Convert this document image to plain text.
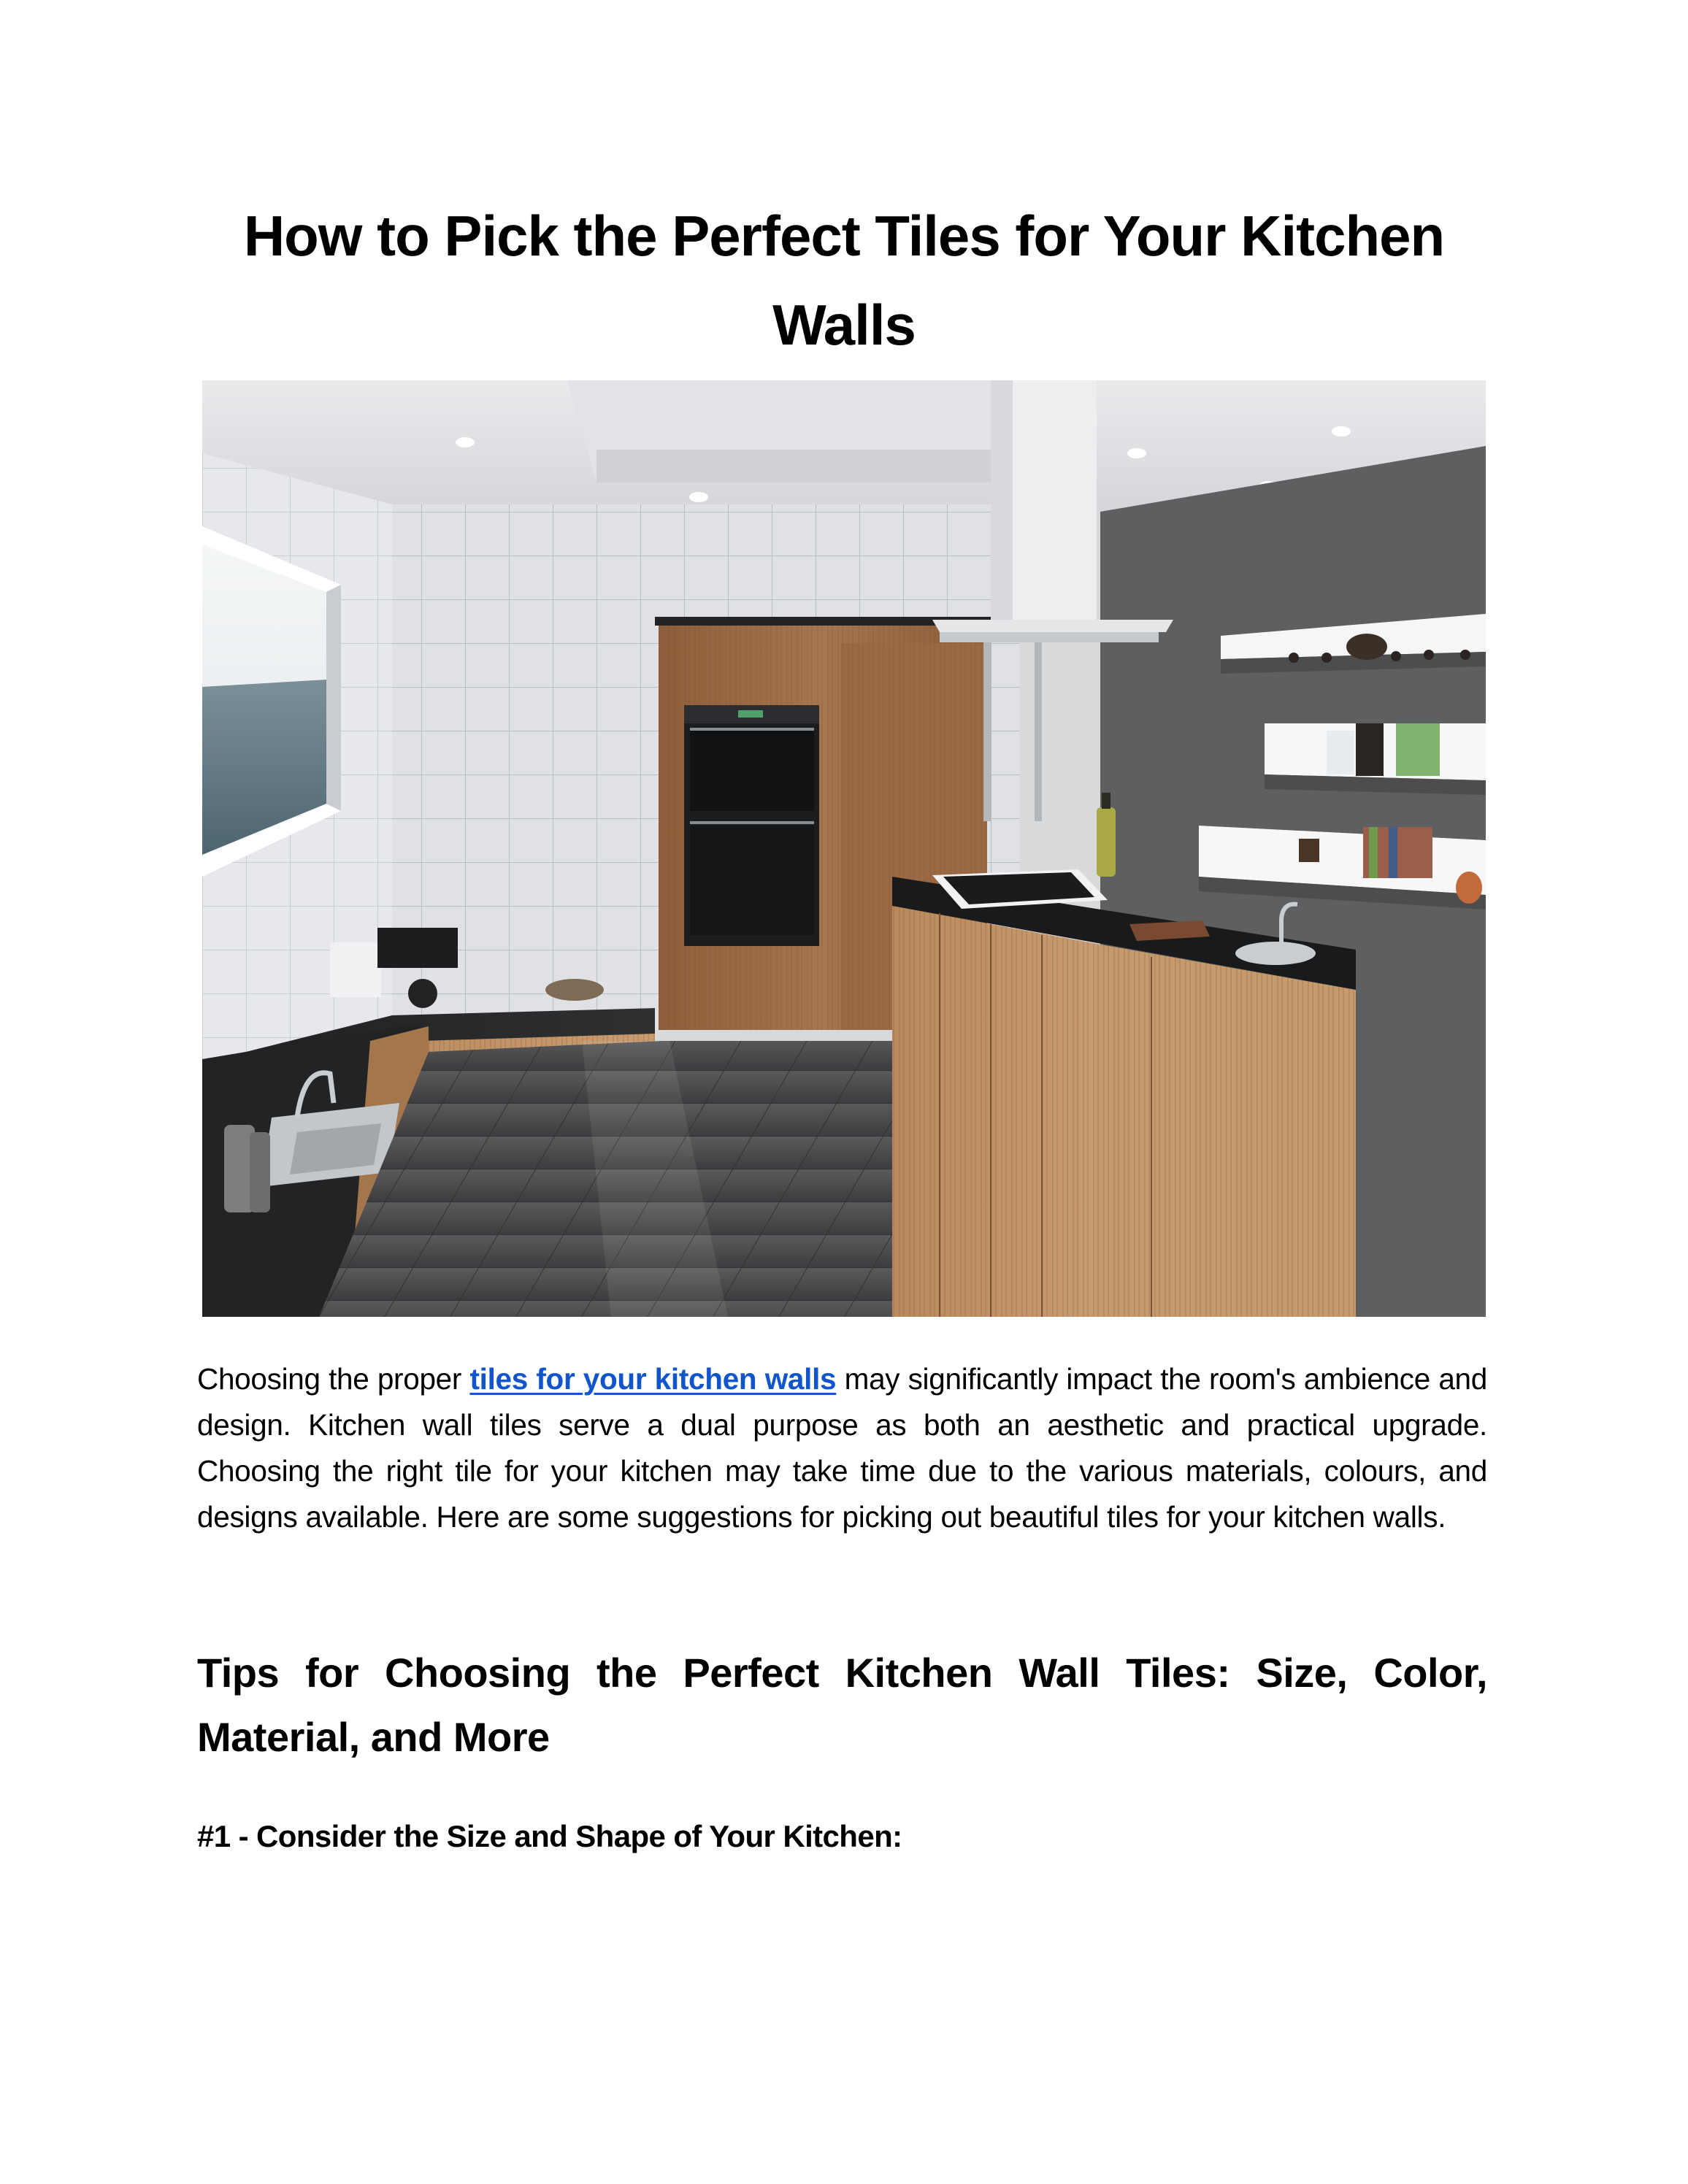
How to Pick the Perfect Tiles for Your Kitchen
Walls

Choosing the proper tiles for your kitchen walls may significantly impact the room's ambience and design. Kitchen wall tiles serve a dual purpose as both an aesthetic and practical upgrade. Choosing the right tile for your kitchen may take time due to the various materials, colours, and designs available. Here are some suggestions for picking out beautiful tiles for your kitchen walls.

Tips for Choosing the Perfect Kitchen Wall Tiles: Size, Color, Material, and More
#1 - Consider the Size and Shape of Your Kitchen:
